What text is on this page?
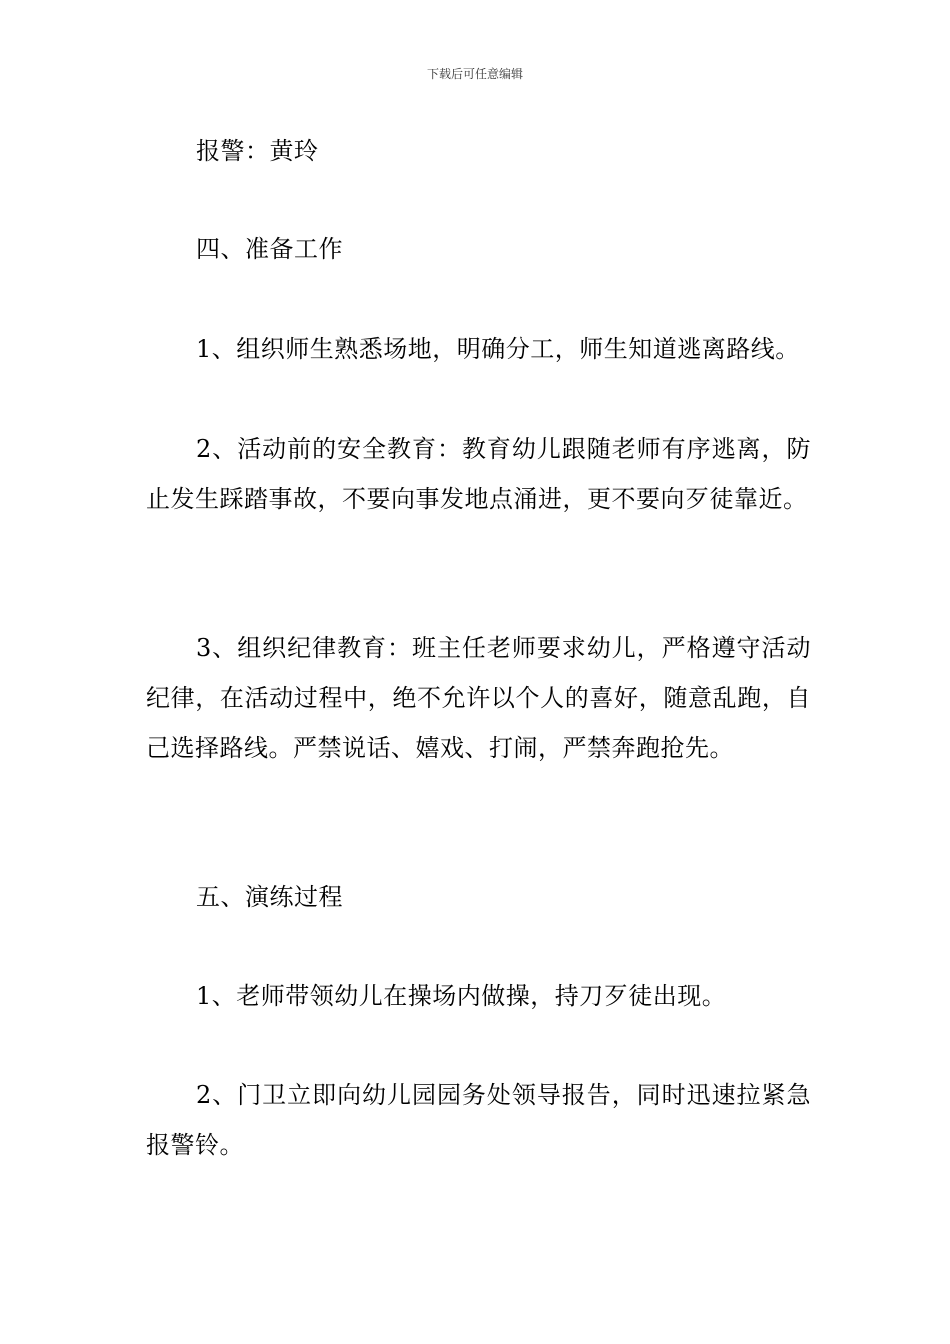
下载后可任意编辑

报警：黄玲

四、准备工作

1、组织师生熟悉场地，明确分工，师生知道逃离路线。

2、活动前的安全教育：教育幼儿跟随老师有序逃离，防止发生踩踏事故，不要向事发地点涌进，更不要向歹徒靠近。

3、组织纪律教育：班主任老师要求幼儿，严格遵守活动纪律，在活动过程中，绝不允许以个人的喜好，随意乱跑，自己选择路线。严禁说话、嬉戏、打闹，严禁奔跑抢先。

五、演练过程

1、老师带领幼儿在操场内做操，持刀歹徒出现。

2、门卫立即向幼儿园园务处领导报告，同时迅速拉紧急报警铃。
